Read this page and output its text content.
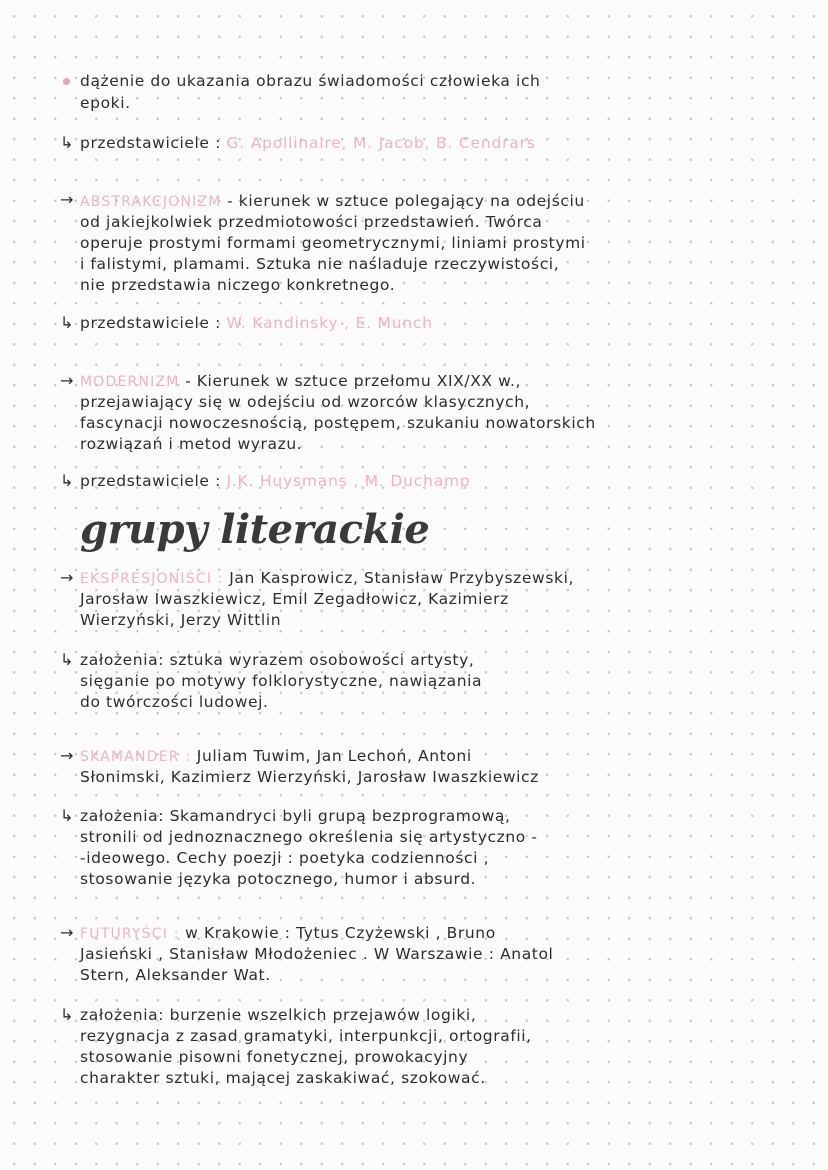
dążenie do ukazania obrazu świadomości człowieka ich
epoki.
↳ przedstawiciele : G. Apollinaire, M. Jacob, B. Cendrars
→ ABSTRAKCJONIZM - kierunek w sztuce polegający na odejściu
od jakiejkolwiek przedmiotowości przedstawień. Twórca
operuje prostymi formami geometrycznymi, liniami prostymi
i falistymi, plamami. Sztuka nie naśladuje rzeczywistości,
nie przedstawia niczego konkretnego.
↳ przedstawiciele : W. Kandinsky , E. Munch
→ MODERNIZM - Kierunek w sztuce przełomu XIX/XX w.,
przejawiający się w odejściu od wzorców klasycznych,
fascynacji nowoczesnością, postępem, szukaniu nowatorskich
rozwiązań i metod wyrazu.
↳ przedstawiciele : J.K. Huysmans , M. Duchamp
grupy literackie
→ EKSPRESJONIŚCI : Jan Kasprowicz, Stanisław Przybyszewski,
Jarosław Iwaszkiewicz, Emil Zegadłowicz, Kazimierz
Wierzyński, Jerzy Wittlin
↳ założenia: sztuka wyrazem osobowości artysty,
sięganie po motywy folklorystyczne, nawiązania
do twórczości ludowej.
→ SKAMANDER : Juliam Tuwim, Jan Lechoń, Antoni
Słonimski, Kazimierz Wierzyński, Jarosław Iwaszkiewicz
↳ założenia: Skamandryci byli grupą bezprogramową,
stronili od jednoznacznego określenia się artystyczno -
-ideowego. Cechy poezji : poetyka codzienności ,
stosowanie języka potocznego, humor i absurd.
→ FUTURYŚCI : w Krakowie : Tytus Czyżewski , Bruno
Jasieński , Stanisław Młodożeniec . W Warszawie : Anatol
Stern, Aleksander Wat.
↳ założenia: burzenie wszelkich przejawów logiki,
rezygnacja z zasad gramatyki, interpunkcji, ortografii,
stosowanie pisowni fonetycznej, prowokacyjny
charakter sztuki, mającej zaskakiwać, szokować.
